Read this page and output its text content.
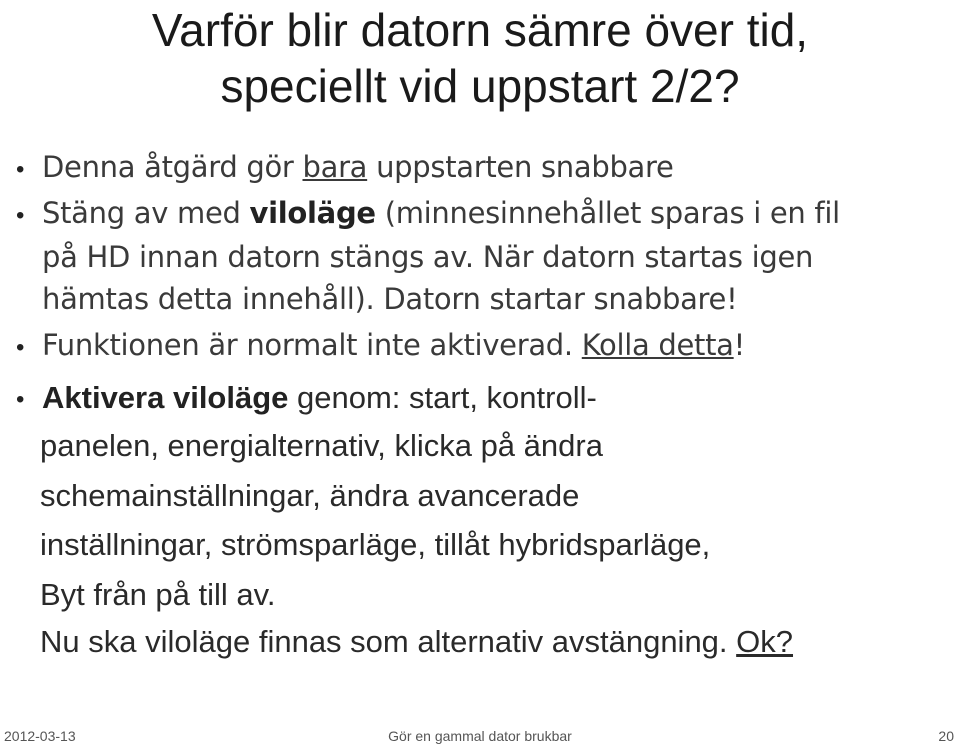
Varför blir datorn sämre över tid,
speciellt vid uppstart 2/2?
• Denna åtgärd gör bara uppstarten snabbare
• Stäng av med viloläge (minnesinnehållet sparas i en fil
på HD innan datorn stängs av. När datorn startas igen
hämtas detta innehåll). Datorn startar snabbare!
• Funktionen är normalt inte aktiverad. Kolla detta!
• Aktivera viloläge genom: start, kontroll-
panelen, energialternativ, klicka på ändra
schemainställningar, ändra avancerade
inställningar, strömsparläge, tillåt hybridsparläge,
Byt från på till av.
Nu ska viloläge finnas som alternativ avstängning. Ok?
2012-03-13	Gör en gammal dator brukbar	20
